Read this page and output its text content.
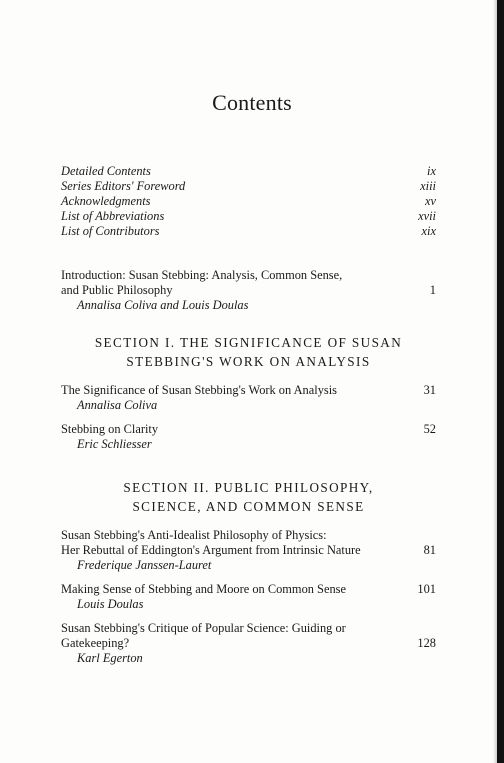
Contents
Detailed Contents	ix
Series Editors' Foreword	xiii
Acknowledgments	xv
List of Abbreviations	xvii
List of Contributors	xix
Introduction: Susan Stebbing: Analysis, Common Sense,
and Public Philosophy	1
Annalisa Coliva and Louis Doulas
SECTION I. THE SIGNIFICANCE OF SUSAN
STEBBING'S WORK ON ANALYSIS
The Significance of Susan Stebbing's Work on Analysis	31
Annalisa Coliva
Stebbing on Clarity	52
Eric Schliesser
SECTION II. PUBLIC PHILOSOPHY,
SCIENCE, AND COMMON SENSE
Susan Stebbing's Anti-Idealist Philosophy of Physics:
Her Rebuttal of Eddington's Argument from Intrinsic Nature	81
Frederique Janssen-Lauret
Making Sense of Stebbing and Moore on Common Sense	101
Louis Doulas
Susan Stebbing's Critique of Popular Science: Guiding or
Gatekeeping?	128
Karl Egerton
